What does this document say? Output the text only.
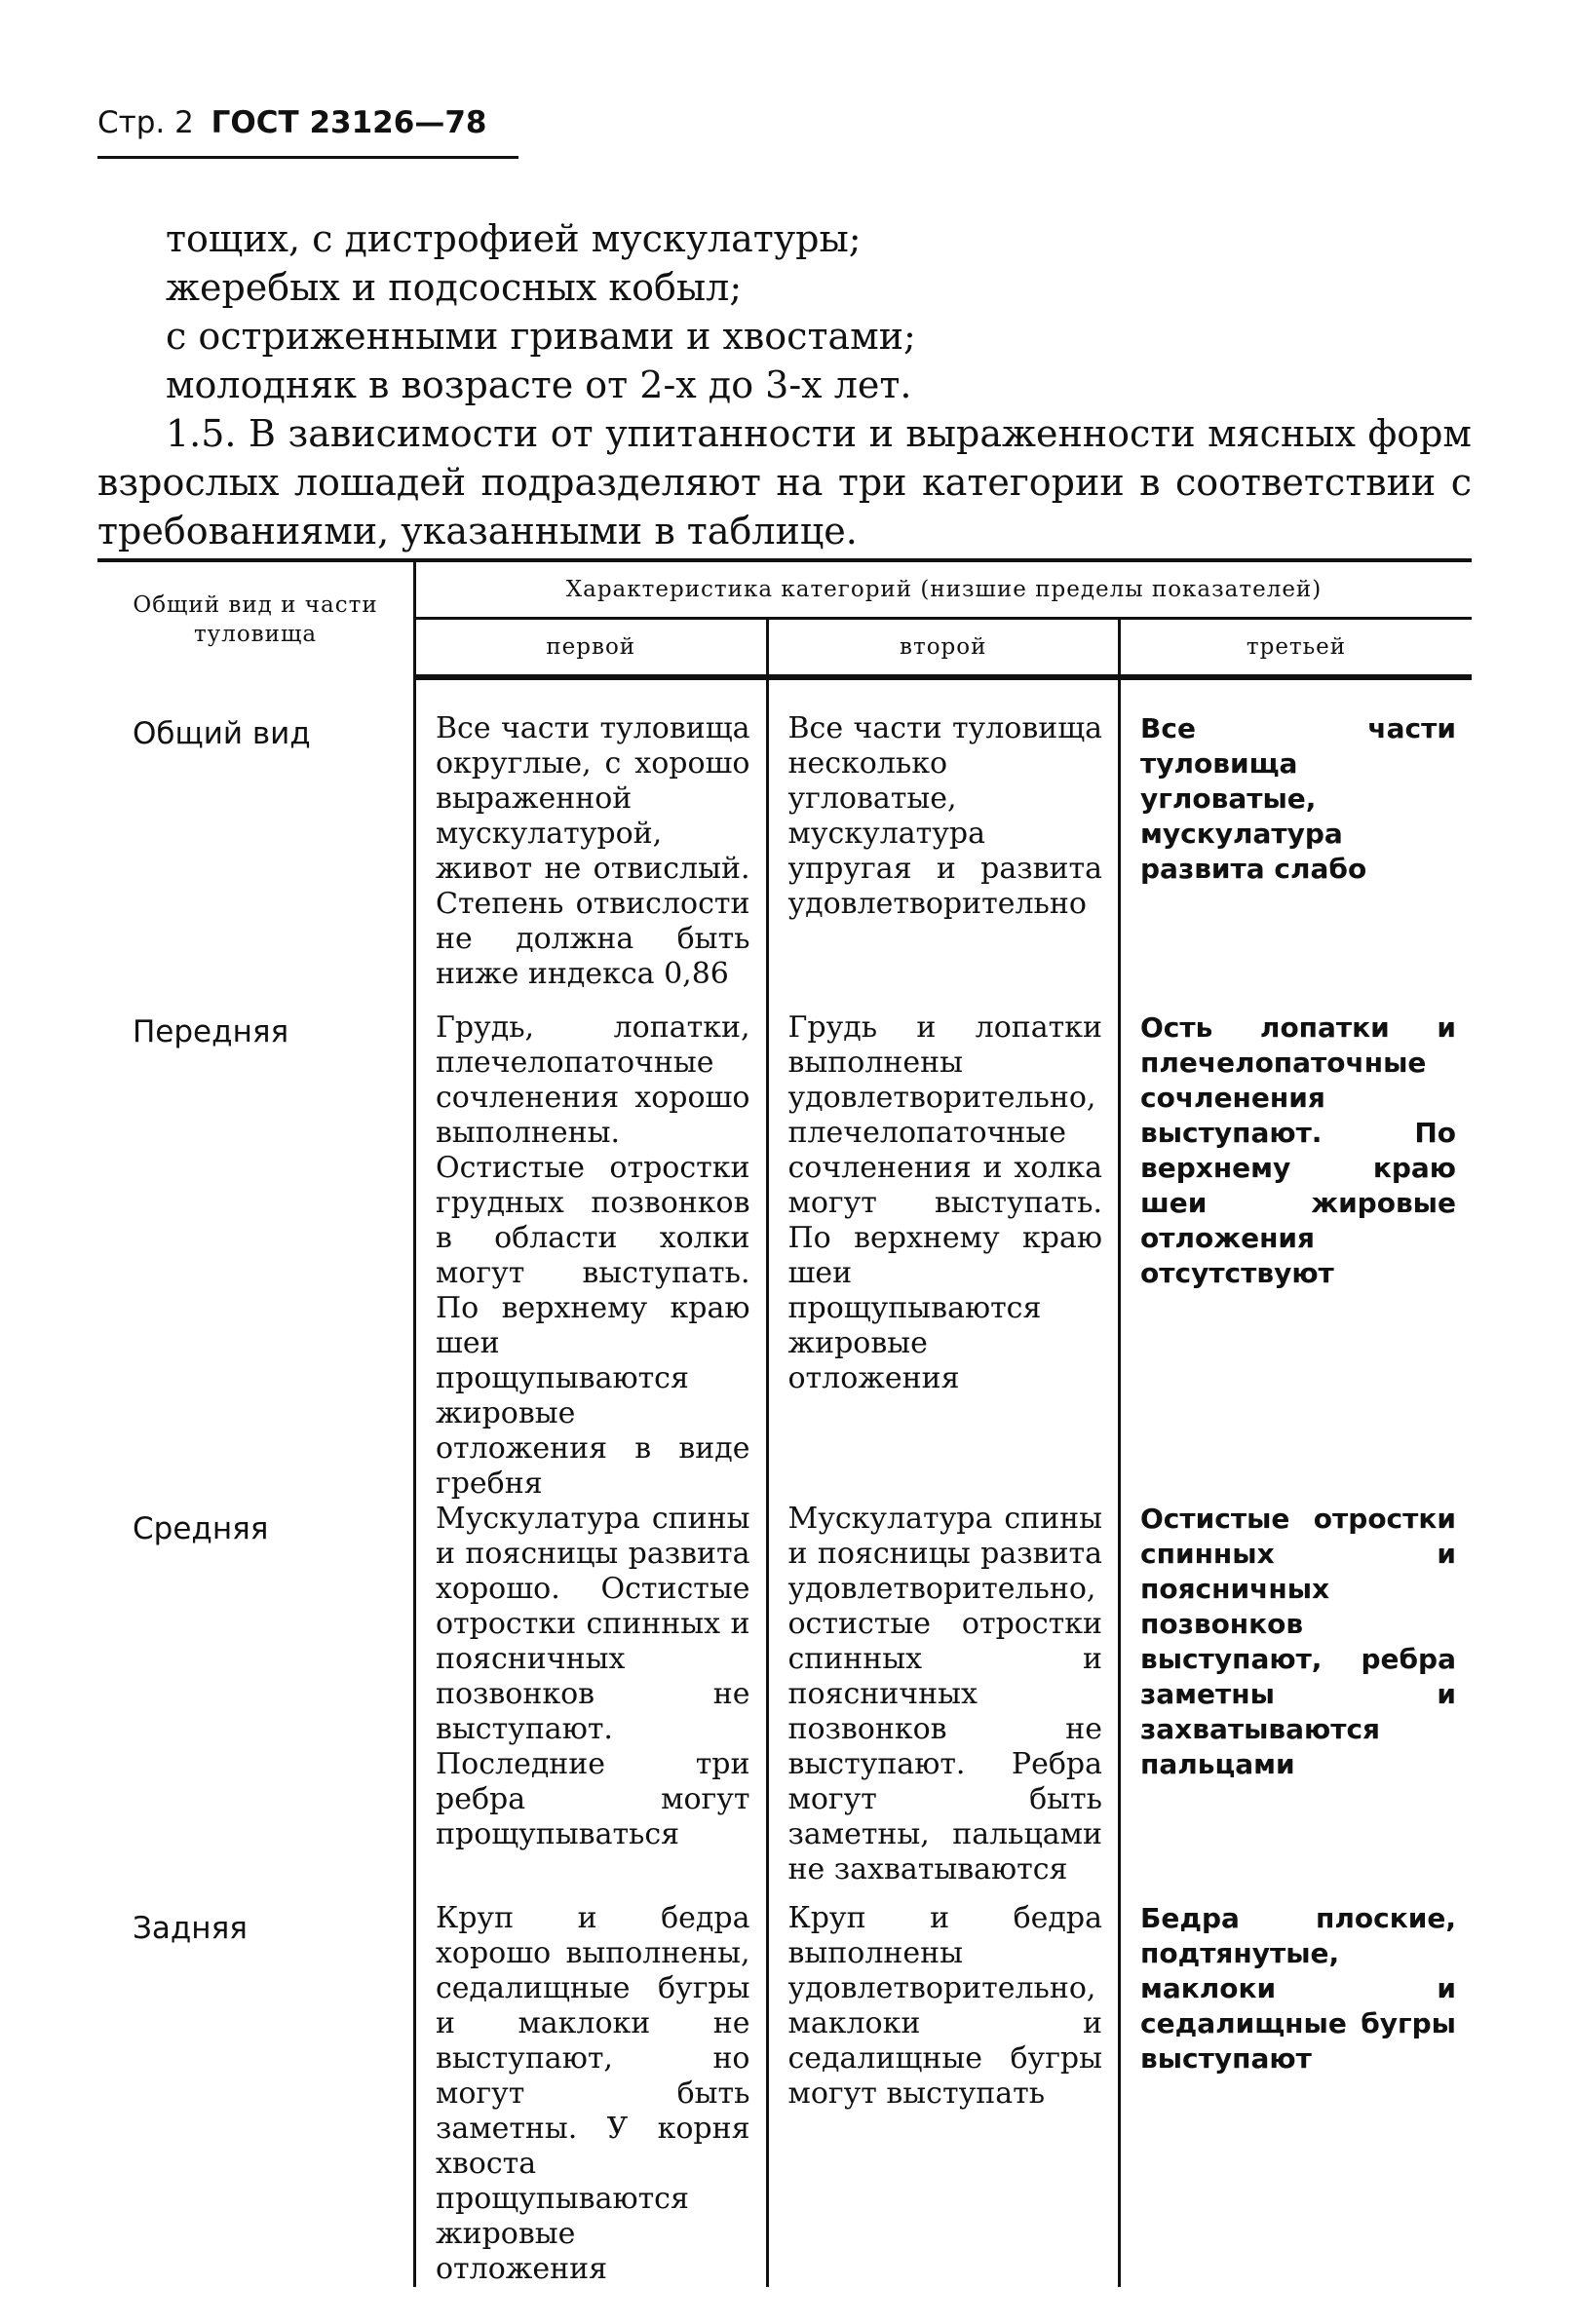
Стр. 2 ГОСТ 23126—78
тощих, с дистрофией мускулатуры;
жеребых и подсосных кобыл;
с остриженными гривами и хвостами;
молодняк в возрасте от 2-х до 3-х лет.
1.5. В зависимости от упитанности и выраженности мясных форм взрослых лошадей подразделяют на три категории в соответствии с требованиями, указанными в таблице.
Общий вид и части туловища	Характеристика категорий (низшие пределы показателей)		
	первой	второй	третьей
Общий вид	Все части туловища округлые, с хорошо выраженной мускулатурой, живот не отвислый. Степень отвислости не должна быть ниже индекса 0,86	Все части туловища несколько угловатые, мускулатура упругая и развита удовлетворительно	Все части туловища угловатые, мускулатура развита слабо
Передняя	Грудь, лопатки, плечелопаточные сочленения хорошо выполнены. Остистые отростки грудных позвонков в области холки могут выступать. По верхнему краю шеи прощупываются жировые отложения в виде гребня	Грудь и лопатки выполнены удовлетворительно, плечелопаточные сочленения и холка могут выступать. По верхнему краю шеи прощупываются жировые отложения	Ость лопатки и плечелопаточные сочленения выступают. По верхнему краю шеи жировые отложения отсутствуют
Средняя	Мускулатура спины и поясницы развита хорошо. Остистые отростки спинных и поясничных позвонков не выступают. Последние три ребра могут прощупываться	Мускулатура спины и поясницы развита удовлетворительно, остистые отростки спинных и поясничных позвонков не выступают. Ребра могут быть заметны, пальцами не захватываются	Остистые отростки спинных и поясничных позвонков выступают, ребра заметны и захватываются пальцами
Задняя	Круп и бедра хорошо выполнены, седалищные бугры и маклоки не выступают, но могут быть заметны. У корня хвоста прощупываются жировые отложения	Круп и бедра выполнены удовлетворительно, маклоки и седалищные бугры могут выступать	Бедра плоские, подтянутые, маклоки и седалищные бугры выступают
